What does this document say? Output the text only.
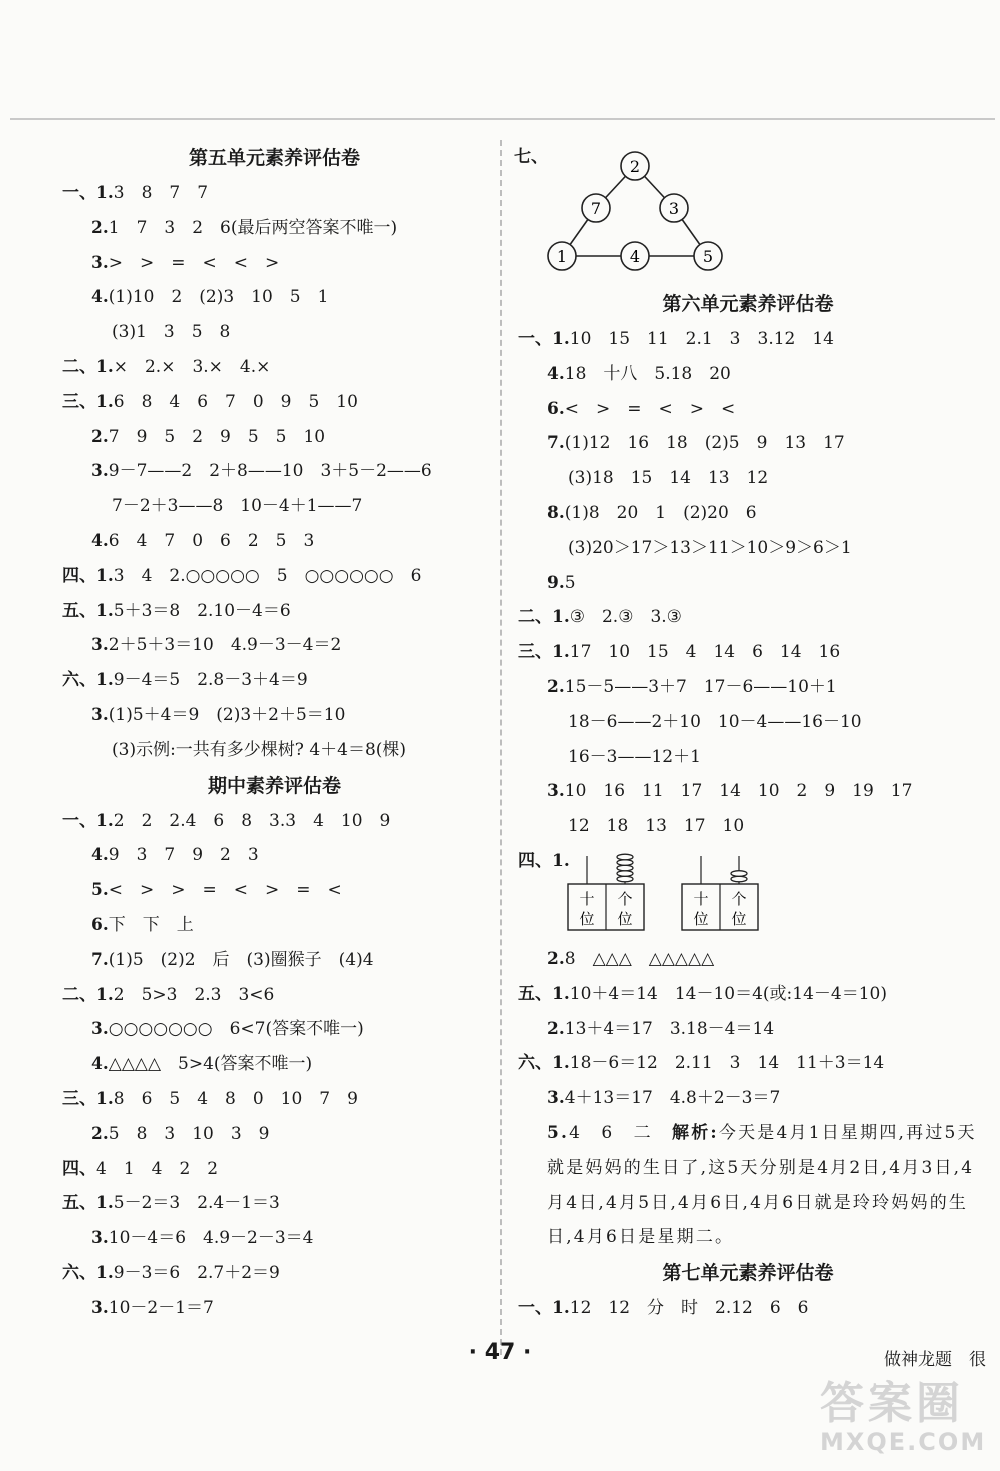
第五单元素养评估卷
一、1.3　8　7　7
2.1　7　3　2　6(最后两空答案不唯一)
3.>　>　=　<　<　>
4.(1)10　2　(2)3　10　5　1
(3)1　3　5　8
二、1.×　2.×　3.×　4.×
三、1.6　8　4　6　7　0　9　5　10
2.7　9　5　2　9　5　5　10
3.9－7——2　2＋8——10　3＋5－2——6
7－2＋3——8　10－4＋1——7
4.6　4　7　0　6　2　5　3
四、1.3　4　2.○○○○○　5　○○○○○○　6
五、1.5＋3＝8　2.10－4＝6
3.2＋5＋3＝10　4.9－3－4＝2
六、1.9－4＝5　2.8－3＋4＝9
3.(1)5＋4＝9　(2)3＋2＋5＝10
(3)示例:一共有多少棵树? 4＋4＝8(棵)
期中素养评估卷
一、1.2　2　2.4　6　8　3.3　4　10　9
4.9　3　7　9　2　3
5.<　>　>　=　<　>　=　<
6.下　下　上
7.(1)5　(2)2　后　(3)圈猴子　(4)4
二、1.2　5>3　2.3　3<6
3.○○○○○○○　6<7(答案不唯一)
4.△△△△　5>4(答案不唯一)
三、1.8　6　5　4　8　0　10　7　9
2.5　8　3　10　3　9
四、4　1　4　2　2
五、1.5－2＝3　2.4－1＝3
3.10－4＝6　4.9－2－3＝4
六、1.9－3＝6　2.7＋2＝9
3.10－2－1＝7
七、	2
7	3
1	4	5
第六单元素养评估卷
一、1.10　15　11　2.1　3　3.12　14
4.18　十八　5.18　20
6.<　>　=　<　>　<
7.(1)12　16　18　(2)5　9　13　17
(3)18　15　14　13　12
8.(1)8　20　1　(2)20　6
(3)20＞17＞13＞11＞10＞9＞6＞1
9.5
二、1.③　2.③　3.③
三、1.17　10　15　4　14　6　14　16
2.15－5——3＋7　17－6——10＋1
18－6——2＋10　10－4——16－10
16－3——12＋1
3.10　16　11　17　14　10　2　9　19　17
12　18　13　17　10
四、1.
十
位
个
位
十
位
个
位
2.8　△△△　△△△△△
五、1.10＋4＝14　14－10＝4(或:14－4＝10)
2.13＋4＝17　3.18－4＝14
六、1.18－6＝12　2.11　3　14　11＋3＝14
3.4＋13＝17　4.8＋2－3＝7
5.4　6　二　解析:今天是4月1日星期四,再过5天就是妈妈的生日了,这5天分别是4月2日,4月3日,4月4日,4月5日,4月6日,4月6日就是玲玲妈妈的生日,4月6日是星期二。
第七单元素养评估卷
一、1.12　12　分　时　2.12　6　6
· 47 ·	做神龙题　很
答案圈
MXQE.COM
